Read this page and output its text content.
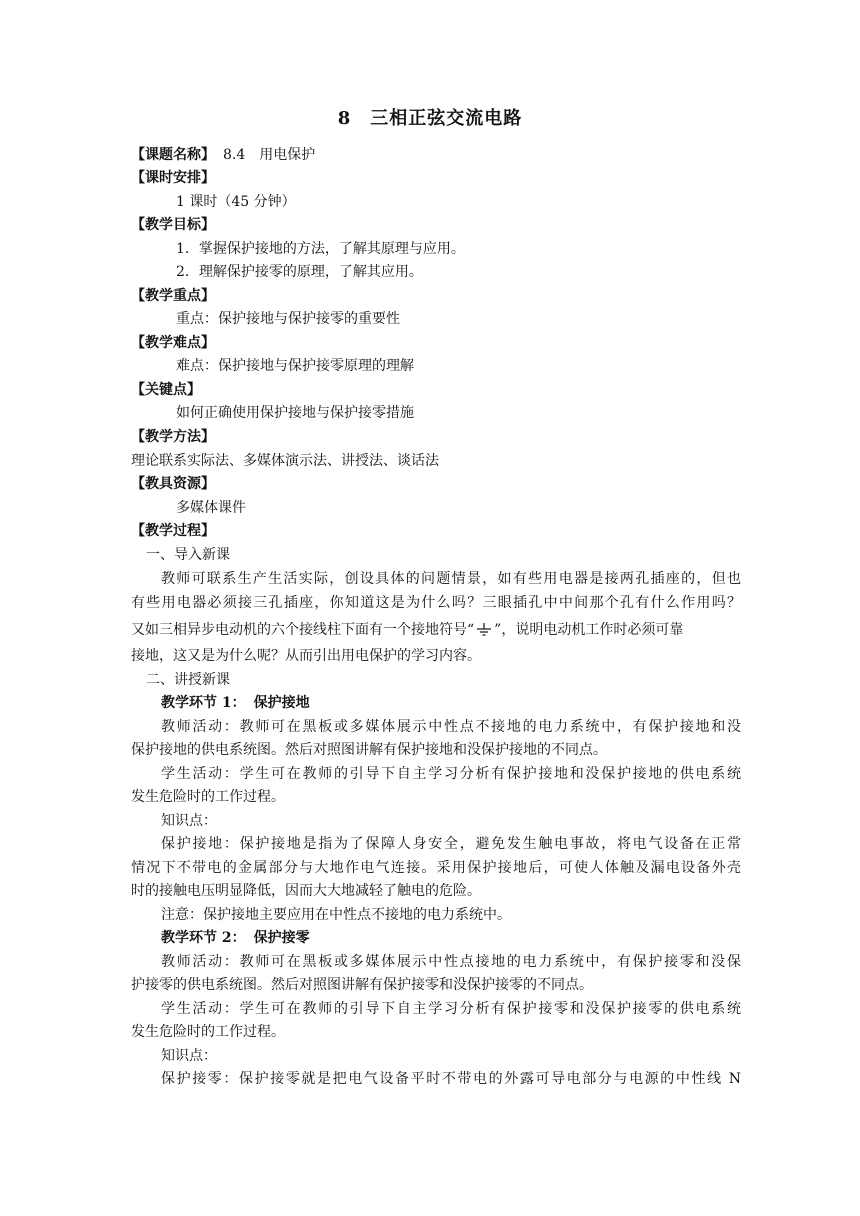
8　三相正弦交流电路
【课题名称】 8.4　用电保护
【课时安排】
1 课时（45 分钟）
【教学目标】
1．掌握保护接地的方法，了解其原理与应用。
2．理解保护接零的原理，了解其应用。
【教学重点】
重点：保护接地与保护接零的重要性
【教学难点】
难点：保护接地与保护接零原理的理解
【关键点】
如何正确使用保护接地与保护接零措施
【教学方法】
理论联系实际法、多媒体演示法、讲授法、谈话法
【教具资源】
多媒体课件
【教学过程】
一、导入新课
教师可联系生产生活实际，创设具体的问题情景，如有些用电器是接两孔插座的，但也
有些用电器必须接三孔插座，你知道这是为什么吗？三眼插孔中中间那个孔有什么作用吗？
又如三相异步电动机的六个接线柱下面有一个接地符号“ ”，说明电动机工作时必须可靠
接地，这又是为什么呢？从而引出用电保护的学习内容。
二、讲授新课
教学环节 1： 保护接地
教师活动：教师可在黑板或多媒体展示中性点不接地的电力系统中，有保护接地和没
保护接地的供电系统图。然后对照图讲解有保护接地和没保护接地的不同点。
学生活动：学生可在教师的引导下自主学习分析有保护接地和没保护接地的供电系统
发生危险时的工作过程。
知识点：
保护接地：保护接地是指为了保障人身安全，避免发生触电事故，将电气设备在正常
情况下不带电的金属部分与大地作电气连接。采用保护接地后，可使人体触及漏电设备外壳
时的接触电压明显降低，因而大大地减轻了触电的危险。
注意：保护接地主要应用在中性点不接地的电力系统中。
教学环节 2： 保护接零
教师活动：教师可在黑板或多媒体展示中性点接地的电力系统中，有保护接零和没保
护接零的供电系统图。然后对照图讲解有保护接零和没保护接零的不同点。
学生活动：学生可在教师的引导下自主学习分析有保护接零和没保护接零的供电系统
发生危险时的工作过程。
知识点：
保护接零：保护接零就是把电气设备平时不带电的外露可导电部分与电源的中性线 N
